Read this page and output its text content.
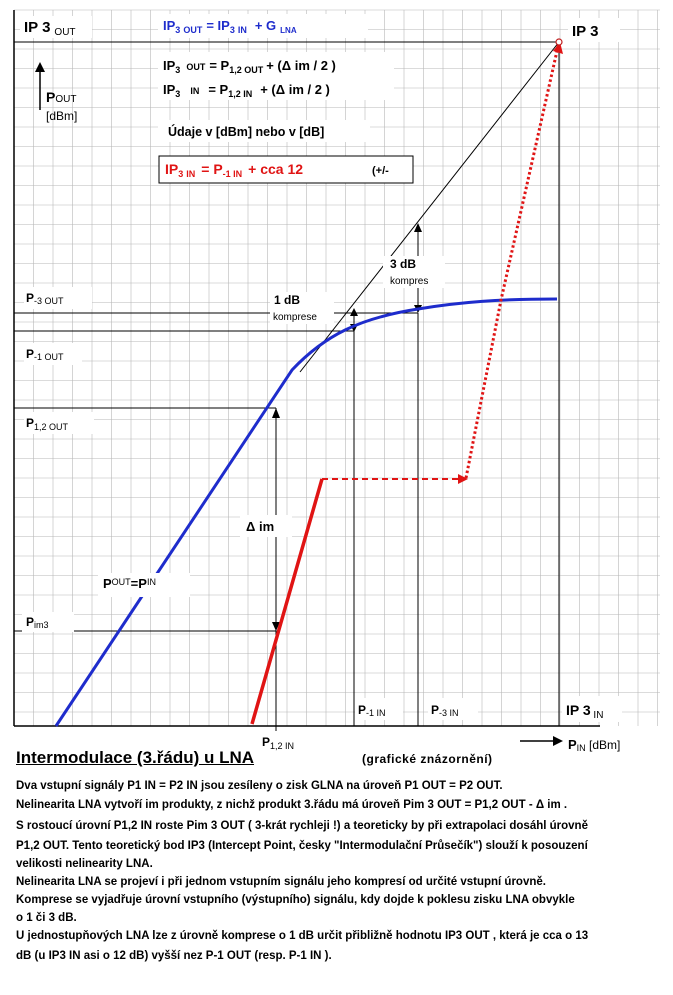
IP 3 $_{OUT}$	IP 3
POUT
[dBm]
$IP_3$ OUT = $IP_3$ IN + G $_{LNA}$
$IP_3$ $^{OUT} = P_{1,2 OUT} + (\Delta$ im / 2 )
$IP_3$ $^{IN} = P_{1,2 IN} + (\Delta$ im / 2 )
Údaje v [dBm] nebo v [dB]
$IP_3$ IN = $P_{-1 IN}$ + cca 12	(+/-
P-3 OUT
P-1 OUT
$P_{1,2 OUT}$
Pim3
$P^{OUT}=P^{IN}$
Δ im
1 dB
komprese
3 dB
kompres
P-1 IN	P-3 IN	IP 3 $_{IN}$
$P_{1,2 IN}$	PIN [dBm]
Intermodulace (3.řádu) u LNA	(grafické znázornění)
Dva vstupní signály P1 IN = P2 IN jsou zesíleny o zisk GLNA na úroveň P1 OUT = P2 OUT.
Nelinearita LNA vytvoří im produkty, z nichž produkt 3.řádu má úroveň Pim 3 OUT = P1,2 OUT - Δ im .
S rostoucí úrovní P1,2 IN roste Pim 3 OUT ( 3-krát rychleji !) a teoreticky by při extrapolaci dosáhl úrovně
P1,2 OUT. Tento teoretický bod IP3 (Intercept Point, česky "Intermodulační Průsečík") slouží k posouzení
velikosti nelinearity LNA.
Nelinearita LNA se projeví i při jednom vstupním signálu jeho kompresí od určité vstupní úrovně.
Komprese se vyjadřuje úrovní vstupního (výstupního) signálu, kdy dojde k poklesu zisku LNA obvykle
o 1 či 3 dB.
U jednostupňových LNA lze z úrovně komprese o 1 dB určit přibližně hodnotu IP3 OUT , která je cca o 13
dB (u IP3 IN asi o 12 dB) vyšší nez P-1 OUT (resp. P-1 IN ).
